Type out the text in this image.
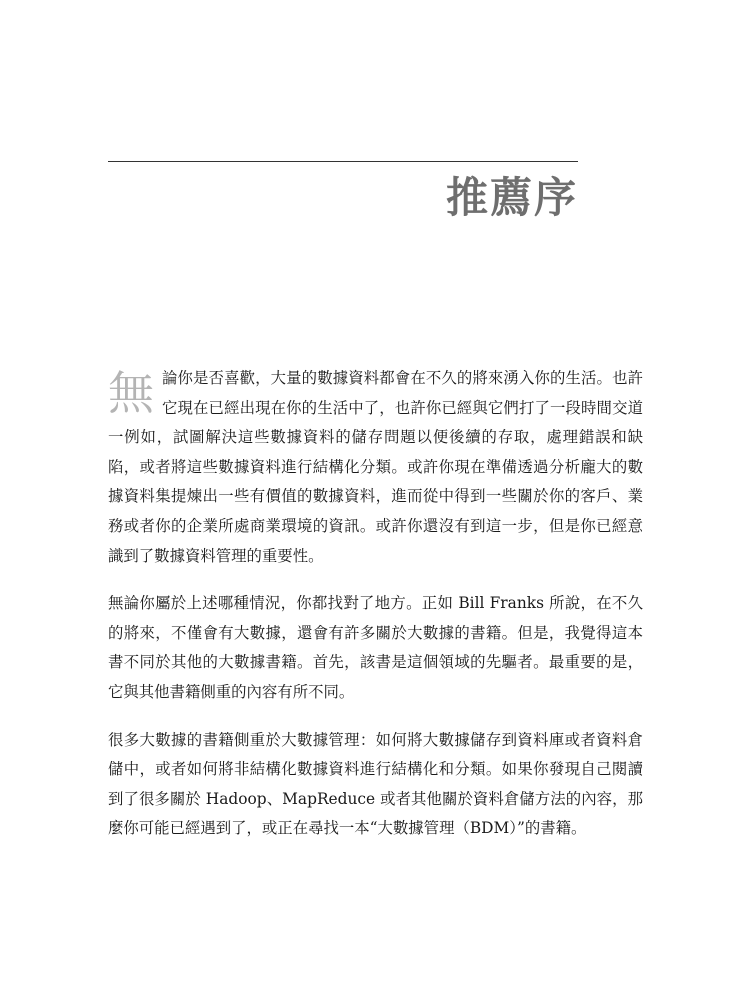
推薦序

無論你是否喜歡，大量的數據資料都會在不久的將來湧入你的生活。也許它現在已經出現在你的生活中了，也許你已經與它們打了一段時間交道一例如，試圖解決這些數據資料的儲存問題以便後續的存取，處理錯誤和缺陷，或者將這些數據資料進行結構化分類。或許你現在準備透過分析龐大的數據資料集提煉出一些有價值的數據資料，進而從中得到一些關於你的客戶、業務或者你的企業所處商業環境的資訊。或許你還沒有到這一步，但是你已經意識到了數據資料管理的重要性。

無論你屬於上述哪種情況，你都找對了地方。正如 Bill Franks 所說，在不久的將來，不僅會有大數據，還會有許多關於大數據的書籍。但是，我覺得這本書不同於其他的大數據書籍。首先，該書是這個領域的先驅者。最重要的是，它與其他書籍側重的內容有所不同。

很多大數據的書籍側重於大數據管理：如何將大數據儲存到資料庫或者資料倉儲中，或者如何將非結構化數據資料進行結構化和分類。如果你發現自己閱讀到了很多關於 Hadoop、MapReduce 或者其他關於資料倉儲方法的內容，那麼你可能已經遇到了，或正在尋找一本“大數據管理（BDM）”的書籍。
